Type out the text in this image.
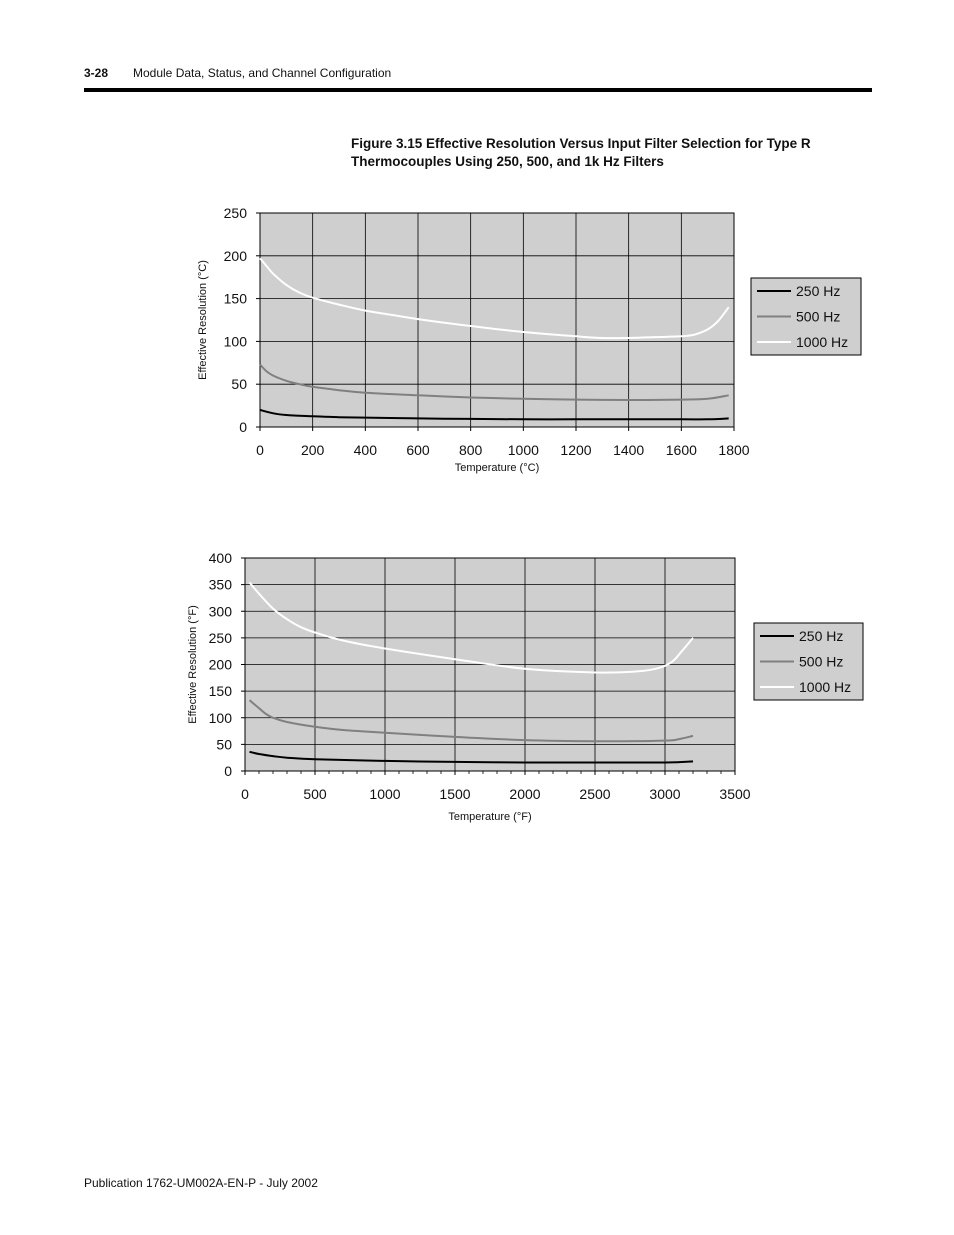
3-28 Module Data, Status, and Channel Configuration
Figure 3.15 Effective Resolution Versus Input Filter Selection for Type R
Thermocouples Using 250, 500, and 1k Hz Filters
0
50
100
150
200
250
0	200 400 600 800 1000 1200 1400 1600 1800
Temperature (°C)
Effective Resolution (°C)	250 Hz
500 Hz
1000 Hz
0
50
100
150
200
250
300
350
400
0	500	1000	1500	2000	2500	3000	3500
Temperature (°F)
Effective Resolution (°F)	250 Hz
500 Hz
1000 Hz
Publication 1762-UM002A-EN-P - July 2002
